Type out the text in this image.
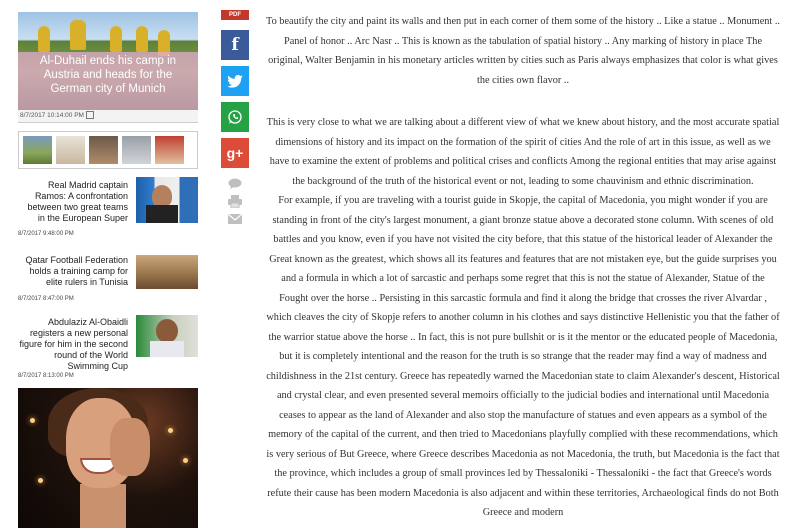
Al-Duhail ends his camp in Austria and heads for the German city of Munich
8/7/2017 10:14:00 PM
Real Madrid captain Ramos: A confrontation between two great teams in the European Super
8/7/2017 9:48:00 PM
Qatar Football Federation holds a training camp for elite rulers in Tunisia
8/7/2017 8:47:00 PM
Abdulaziz Al-Obaidli registers a new personal figure for him in the second round of the World Swimming Cup
8/7/2017 8:13:00 PM
PDF
f
g+
To beautify the city and paint its walls and then put in each corner of them some of the history .. Like a statue .. Monument .. Panel of honor .. Arc Nasr .. This is known as the tabulation of spatial history .. Any marking of history in place The original, Walter Benjamin in his monetary articles written by cities such as Paris always emphasizes that color is what gives the cities own flavor ..
This is very close to what we are talking about a different view of what we knew about history, and the most accurate spatial dimensions of history and its impact on the formation of the spirit of cities And the role of art in this issue, as well as we have to examine the extent of problems and political crises and conflicts Among the regional entities that may arise against the background of the truth of the historical event or not, leading to some chauvinism and ethnic discrimination.
For example, if you are traveling with a tourist guide in Skopje, the capital of Macedonia, you might wonder if you are standing in front of the city's largest monument, a giant bronze statue above a decorated stone column. With scenes of old battles and you know, even if you have not visited the city before, that this statue of the historical leader of Alexander the Great known as the greatest, which shows all its features and features that are not mistaken eye, but the guide surprises you and a formula in which a lot of sarcastic and perhaps some regret that this is not the statue of Alexander, Statue of the Fought over the horse .. Persisting in this sarcastic formula and find it along the bridge that crosses the river Alvardar , which cleaves the city of Skopje refers to another column in his clothes and says distinctive Hellenistic you that the father of the warrior statue above the horse .. In fact, this is not pure bullshit or is it the mentor or the educated people of Macedonia, but it is completely intentional and the reason for the truth is so strange that the reader may find a way of madness and childishness in the 21st century. Greece has repeatedly warned the Macedonian state to claim Alexander's descent, Historical and crystal clear, and even presented several memoirs officially to the judicial bodies and international until Macedonia ceases to appear as the land of Alexander and also stop the manufacture of statues and even appears as a symbol of the memory of the capital of the current, and then tried to Macedonians playfully complied with these recommendations, which is very serious of But Greece, where Greece describes Macedonia as not Macedonia, the truth, but Macedonia is the fact that the province, which includes a group of small provinces led by Thessaloniki - Thessaloniki - the fact that Greece's words refute their cause has been modern Macedonia is also adjacent and within these territories, Archaeological finds do not Both Greece and modern
